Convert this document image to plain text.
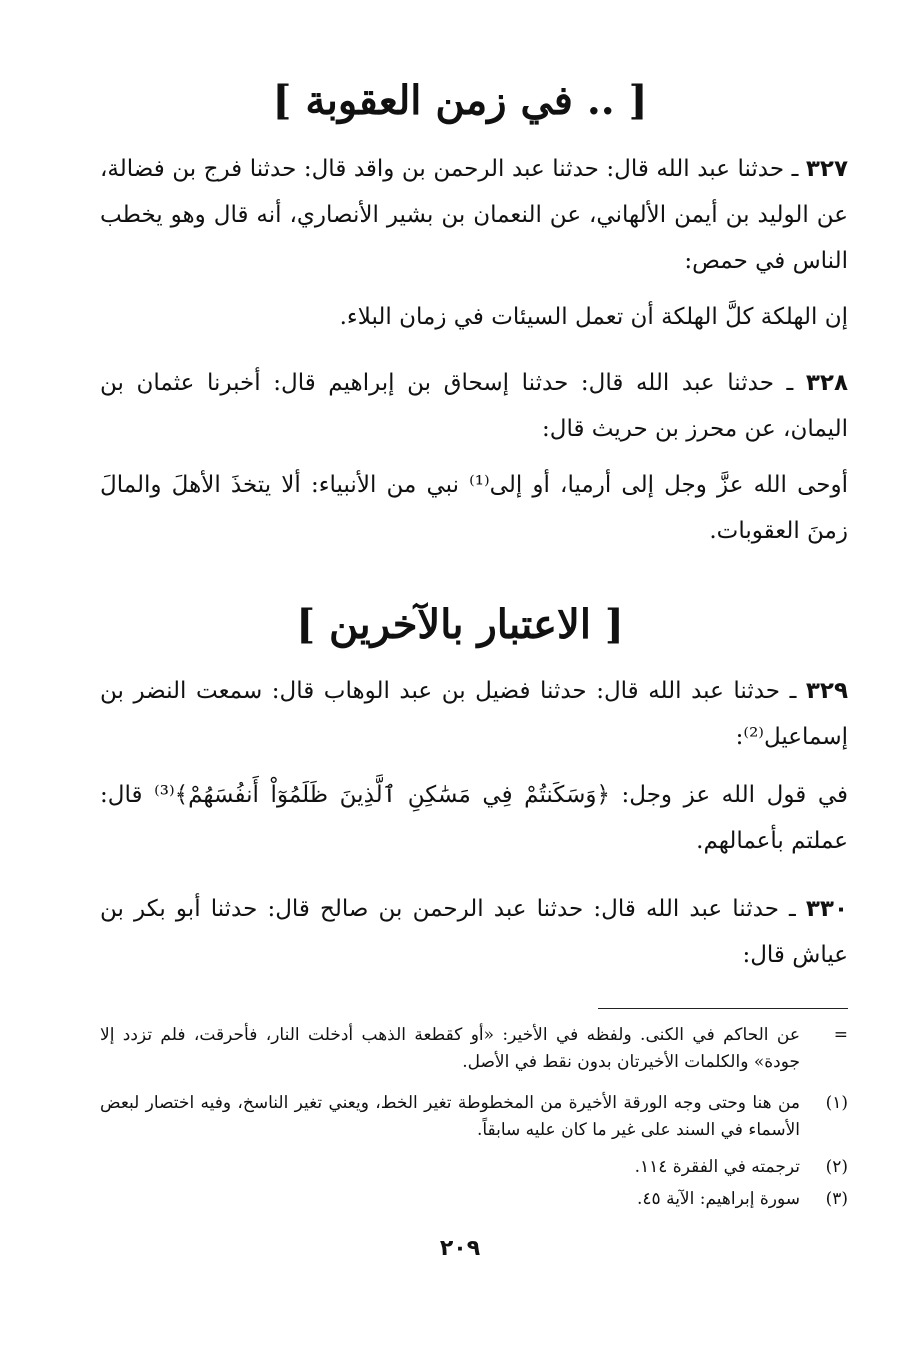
[ .. في زمن العقوبة ]
٣٢٧ ـ حدثنا عبد الله قال: حدثنا عبد الرحمن بن واقد قال: حدثنا فرج بن فضالة، عن الوليد بن أيمن الألهاني، عن النعمان بن بشير الأنصاري، أنه قال وهو يخطب الناس في حمص:
إن الهلكة كلَّ الهلكة أن تعمل السيئات في زمان البلاء.
٣٢٨ ـ حدثنا عبد الله قال: حدثنا إسحاق بن إبراهيم قال: أخبرنا عثمان بن اليمان، عن محرز بن حريث قال:
أوحى الله عزَّ وجل إلى أرميا، أو إلى⁽¹⁾ نبي من الأنبياء: ألا يتخذَ الأهلَ والمالَ زمنَ العقوبات.
[ الاعتبار بالآخرين ]
٣٢٩ ـ حدثنا عبد الله قال: حدثنا فضيل بن عبد الوهاب قال: سمعت النضر بن إسماعيل⁽²⁾:
في قول الله عز وجل: ﴿وَسَكَنتُمْ فِي مَسَٰكِنِ ٱلَّذِينَ ظَلَمُوٓاْ أَنفُسَهُمْ﴾⁽³⁾ قال: عملتم بأعمالهم.
٣٣٠ ـ حدثنا عبد الله قال: حدثنا عبد الرحمن بن صالح قال: حدثنا أبو بكر بن عياش قال:
=
عن الحاكم في الكنى. ولفظه في الأخير: «أو كقطعة الذهب أدخلت النار، فأحرقت، فلم تزدد إلا جودة» والكلمات الأخيرتان بدون نقط في الأصل.
(١)
من هنا وحتى وجه الورقة الأخيرة من المخطوطة تغير الخط، ويعني تغير الناسخ، وفيه اختصار لبعض الأسماء في السند على غير ما كان عليه سابقاً.
(٢)
ترجمته في الفقرة ١١٤.
(٣)
سورة إبراهيم: الآية ٤٥.
٢٠٩
